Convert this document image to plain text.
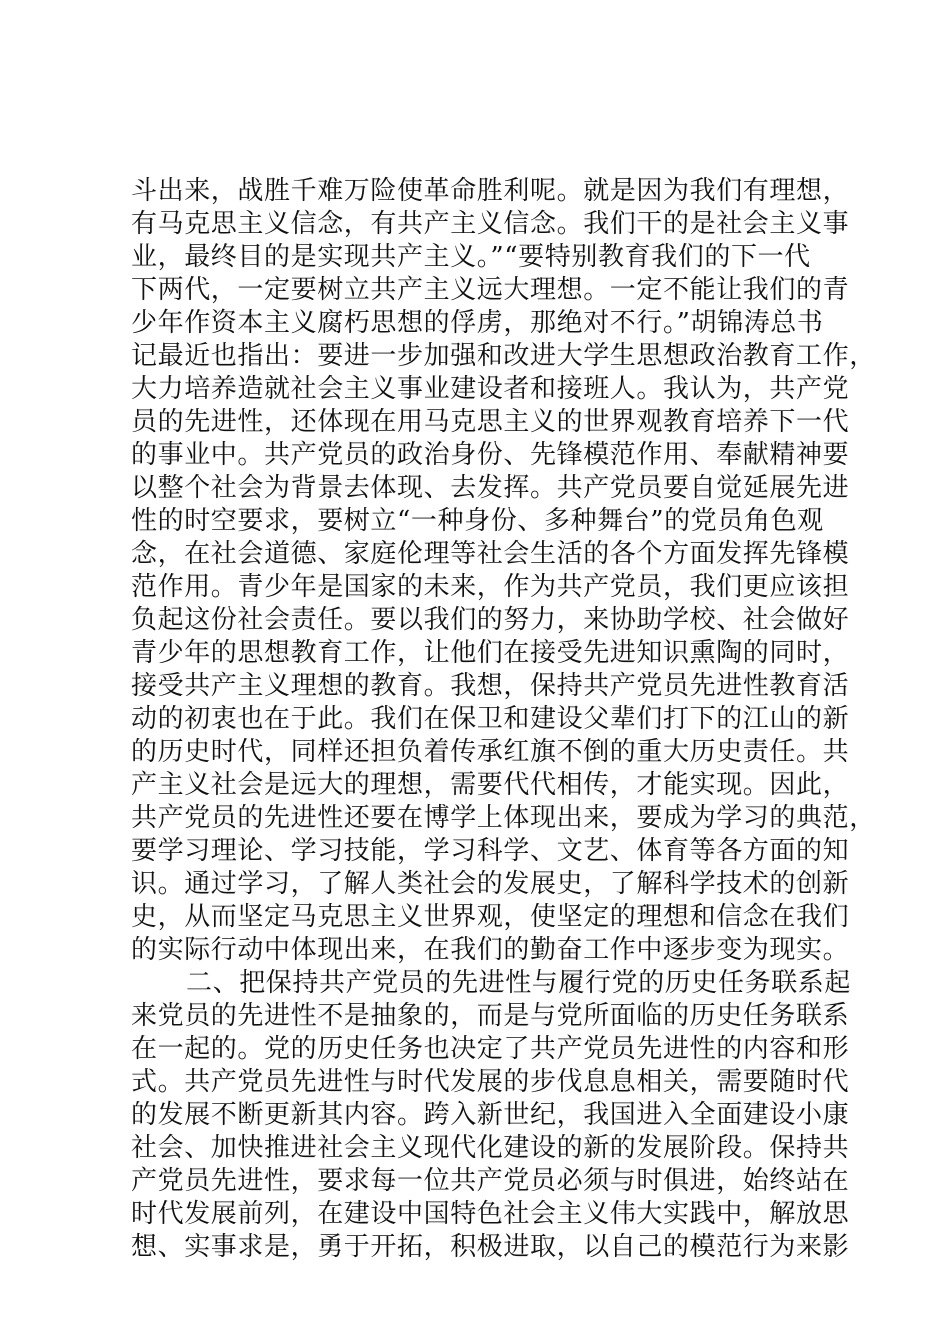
斗出来，战胜千难万险使革命胜利呢。就是因为我们有理想，
有马克思主义信念，有共产主义信念。我们干的是社会主义事
业，最终目的是实现共产主义。”“要特别教育我们的下一代
下两代，一定要树立共产主义远大理想。一定不能让我们的青
少年作资本主义腐朽思想的俘虏，那绝对不行。”胡锦涛总书
记最近也指出：要进一步加强和改进大学生思想政治教育工作，
大力培养造就社会主义事业建设者和接班人。我认为，共产党
员的先进性，还体现在用马克思主义的世界观教育培养下一代
的事业中。共产党员的政治身份、先锋模范作用、奉献精神要
以整个社会为背景去体现、去发挥。共产党员要自觉延展先进
性的时空要求，要树立“一种身份、多种舞台”的党员角色观
念，在社会道德、家庭伦理等社会生活的各个方面发挥先锋模
范作用。青少年是国家的未来，作为共产党员，我们更应该担
负起这份社会责任。要以我们的努力，来协助学校、社会做好
青少年的思想教育工作，让他们在接受先进知识熏陶的同时，
接受共产主义理想的教育。我想，保持共产党员先进性教育活
动的初衷也在于此。我们在保卫和建设父辈们打下的江山的新
的历史时代，同样还担负着传承红旗不倒的重大历史责任。共
产主义社会是远大的理想，需要代代相传，才能实现。因此，
共产党员的先进性还要在博学上体现出来，要成为学习的典范，
要学习理论、学习技能，学习科学、文艺、体育等各方面的知
识。通过学习，了解人类社会的发展史，了解科学技术的创新
史，从而坚定马克思主义世界观，使坚定的理想和信念在我们
的实际行动中体现出来，在我们的勤奋工作中逐步变为现实。
二、把保持共产党员的先进性与履行党的历史任务联系起
来党员的先进性不是抽象的，而是与党所面临的历史任务联系
在一起的。党的历史任务也决定了共产党员先进性的内容和形
式。共产党员先进性与时代发展的步伐息息相关，需要随时代
的发展不断更新其内容。跨入新世纪，我国进入全面建设小康
社会、加快推进社会主义现代化建设的新的发展阶段。保持共
产党员先进性，要求每一位共产党员必须与时俱进，始终站在
时代发展前列，在建设中国特色社会主义伟大实践中，解放思
想、实事求是，勇于开拓，积极进取，以自己的模范行为来影
